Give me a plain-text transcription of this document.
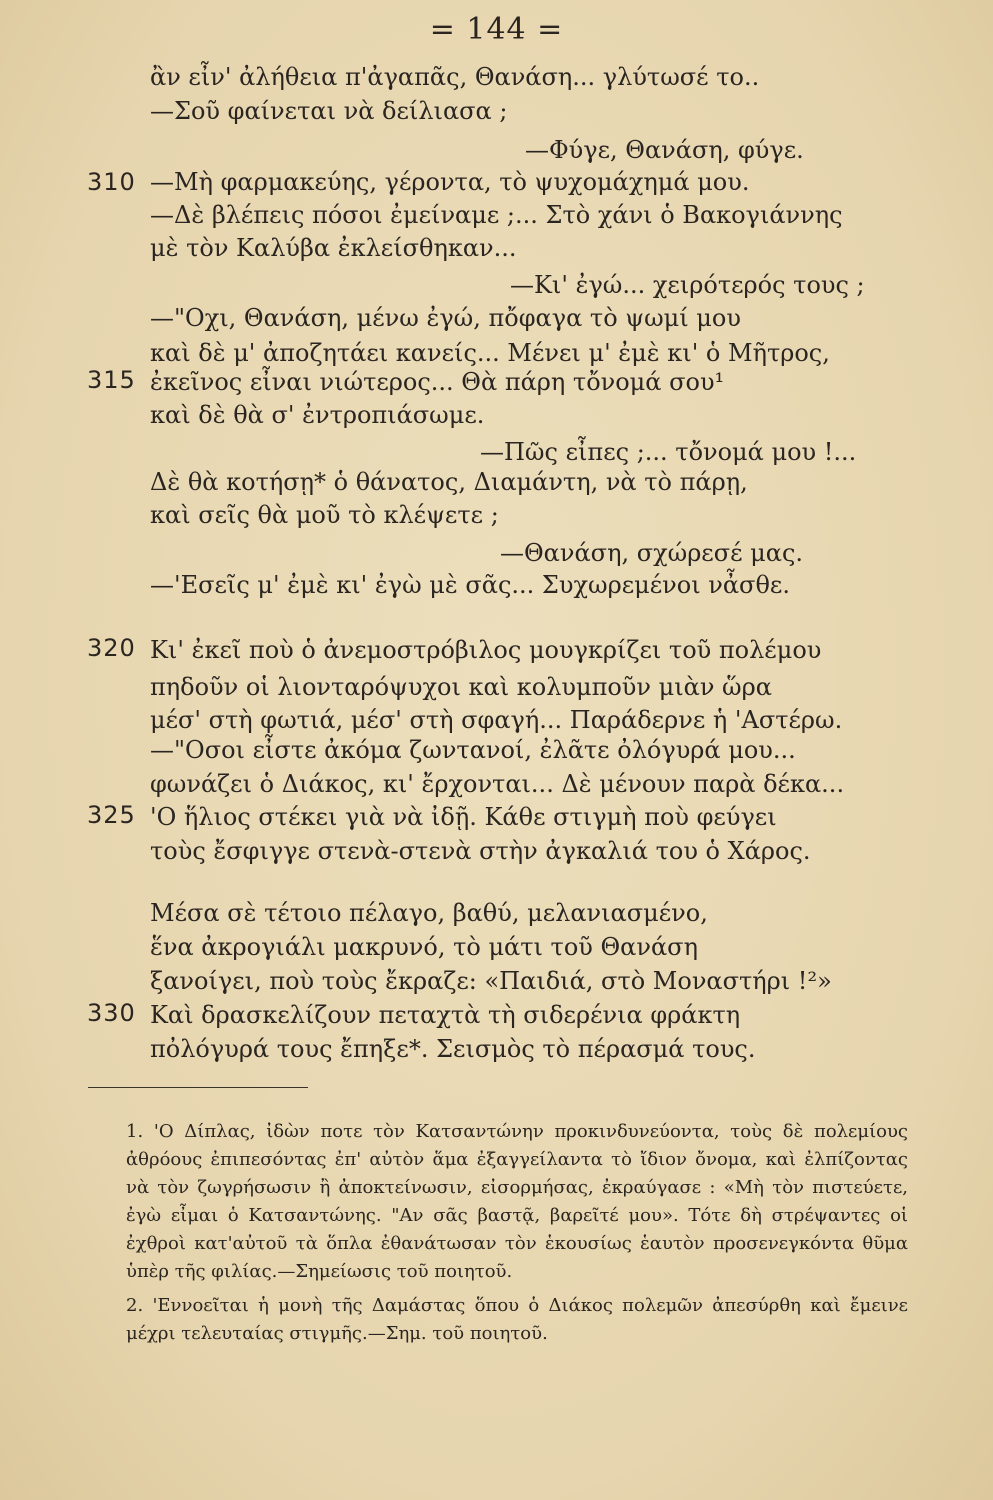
= 144 =
ἂν εἶν' ἀλήθεια π'ἀγαπᾶς, Θανάση... γλύτωσέ το..
—Σοῦ φαίνεται νὰ δείλιασα ;
—Φύγε, Θανάση, φύγε.
310 —Μὴ φαρμακεύης, γέροντα, τὸ ψυχομάχημά μου.
—Δὲ βλέπεις πόσοι ἐμείναμε ;... Στὸ χάνι ὁ Βακογιάννης
μὲ τὸν Καλύβα ἐκλείσθηκαν...
—Κι' ἐγώ... χειρότερός τους ;
—"Οχι, Θανάση, μένω ἐγώ, πὄφαγα τὸ ψωμί μου
καὶ δὲ μ' ἀποζητάει κανείς... Μένει μ' ἐμὲ κι' ὁ Μῆτρος,
315 ἐκεῖνος εἶναι νιώτερος... Θὰ πάρη τὄνομά σου¹
καὶ δὲ θὰ σ' ἐντροπιάσωμε.
—Πῶς εἶπες ;... τὄνομά μου !...
Δὲ θὰ κοτήσῃ* ὁ θάνατος, Διαμάντη, νὰ τὸ πάρῃ,
καὶ σεῖς θὰ μοῦ τὸ κλέψετε ;
—Θανάση, σχώρεσέ μας.
—'Εσεῖς μ' ἐμὲ κι' ἐγὼ μὲ σᾶς... Συχωρεμένοι νἆσθε.
320 Κι' ἐκεῖ ποὺ ὁ ἀνεμοστρόβιλος μουγκρίζει τοῦ πολέμου
πηδοῦν οἱ λιονταρόψυχοι καὶ κολυμποῦν μιὰν ὥρα
μέσ' στὴ φωτιά, μέσ' στὴ σφαγή... Παράδερνε ἡ 'Αστέρω.
—"Οσοι εἶστε ἀκόμα ζωντανοί, ἐλᾶτε ὀλόγυρά μου...
φωνάζει ὁ Διάκος, κι' ἔρχονται... Δὲ μένουν παρὰ δέκα...
325 'Ο ἥλιος στέκει γιὰ νὰ ἰδῇ. Κάθε στιγμὴ ποὺ φεύγει
τοὺς ἔσφιγγε στενὰ-στενὰ στὴν ἀγκαλιά του ὁ Χάρος.
Μέσα σὲ τέτοιο πέλαγο, βαθύ, μελανιασμένο,
ἕνα ἀκρογιάλι μακρυνό, τὸ μάτι τοῦ Θανάση
ξανοίγει, ποὺ τοὺς ἔκραζε: «Παιδιά, στὸ Μοναστήρι !²»
330 Καὶ δρασκελίζουν πεταχτὰ τὴ σιδερένια φράκτη
πὀλόγυρά τους ἔπηξε*. Σεισμὸς τὸ πέρασμά τους.

1. 'Ο Δίπλας, ἰδὼν ποτε τὸν Κατσαντώνην προκινδυνεύοντα, τοὺς δὲ πολεμίους ἀθρόους ἐπιπεσόντας ἐπ' αὐτὸν ἅμα ἐξαγγείλαντα τὸ ἴδιον ὄνομα, καὶ ἐλπίζοντας νὰ τὸν ζωγρήσωσιν ἢ ἀποκτείνωσιν, εἰσορμήσας, ἐκραύγασε : «Μὴ τὸν πιστεύετε, ἐγὼ εἶμαι ὁ Κατσαντώνης. "Αν σᾶς βαστᾷ, βαρεῖτέ μου». Τότε δὴ στρέψαντες οἱ ἐχθροὶ κατ'αὐτοῦ τὰ ὅπλα ἐθανάτωσαν τὸν ἑκουσίως ἑαυτὸν προσενεγκόντα θῦμα ὑπὲρ τῆς φιλίας.—Σημείωσις τοῦ ποιητοῦ.

2. 'Εννοεῖται ἡ μονὴ τῆς Δαμάστας ὅπου ὁ Διάκος πολεμῶν ἀπεσύρθη καὶ ἔμεινε μέχρι τελευταίας στιγμῆς.—Σημ. τοῦ ποιητοῦ.
